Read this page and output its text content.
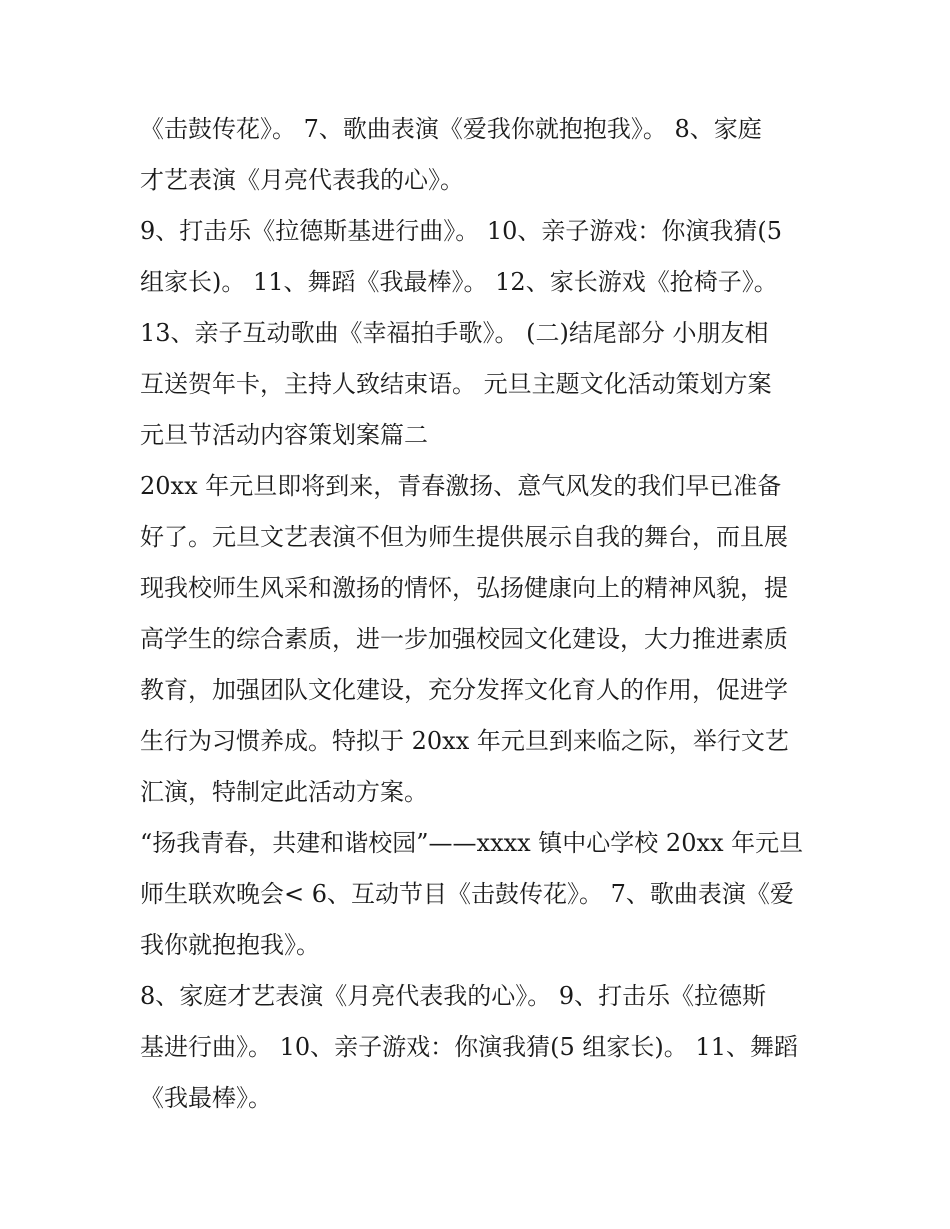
《击鼓传花》。 7、歌曲表演《爱我你就抱抱我》。 8、家庭
才艺表演《月亮代表我的心》。
9、打击乐《拉德斯基进行曲》。 10、亲子游戏：你演我猜(5
组家长)。 11、舞蹈《我最棒》。 12、家长游戏《抢椅子》。
13、亲子互动歌曲《幸福拍手歌》。 (二)结尾部分 小朋友相
互送贺年卡，主持人致结束语。 元旦主题文化活动策划方案
元旦节活动内容策划案篇二
20xx 年元旦即将到来，青春激扬、意气风发的我们早已准备
好了。元旦文艺表演不但为师生提供展示自我的舞台，而且展
现我校师生风采和激扬的情怀，弘扬健康向上的精神风貌，提
高学生的综合素质，进一步加强校园文化建设，大力推进素质
教育，加强团队文化建设，充分发挥文化育人的作用，促进学
生行为习惯养成。特拟于 20xx 年元旦到来临之际，举行文艺
汇演，特制定此活动方案。
“扬我青春，共建和谐校园”——xxxx 镇中心学校 20xx 年元旦
师生联欢晚会< 6、互动节目《击鼓传花》。 7、歌曲表演《爱
我你就抱抱我》。
8、家庭才艺表演《月亮代表我的心》。 9、打击乐《拉德斯
基进行曲》。 10、亲子游戏：你演我猜(5 组家长)。 11、舞蹈
《我最棒》。
